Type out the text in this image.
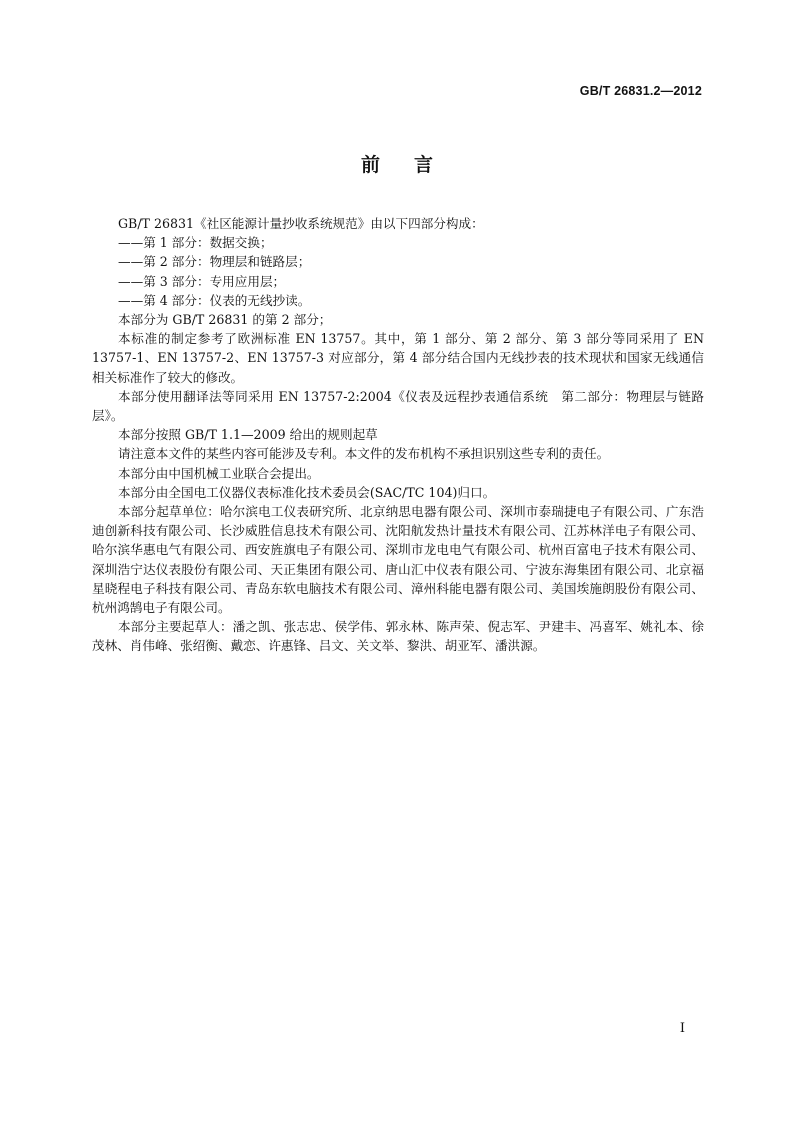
GB/T 26831.2—2012
前 言

GB/T 26831《社区能源计量抄收系统规范》由以下四部分构成：

——第 1 部分：数据交换；

——第 2 部分：物理层和链路层；

——第 3 部分：专用应用层；

——第 4 部分：仪表的无线抄读。

本部分为 GB/T 26831 的第 2 部分；

本标准的制定参考了欧洲标准 EN 13757。其中，第 1 部分、第 2 部分、第 3 部分等同采用了 EN 13757-1、EN 13757-2、EN 13757-3 对应部分，第 4 部分结合国内无线抄表的技术现状和国家无线通信相关标准作了较大的修改。

本部分使用翻译法等同采用 EN 13757-2:2004《仪表及远程抄表通信系统　第二部分：物理层与链路层》。

本部分按照 GB/T 1.1—2009 给出的规则起草

请注意本文件的某些内容可能涉及专利。本文件的发布机构不承担识别这些专利的责任。

本部分由中国机械工业联合会提出。

本部分由全国电工仪器仪表标准化技术委员会(SAC/TC 104)归口。

本部分起草单位：哈尔滨电工仪表研究所、北京纳思电器有限公司、深圳市泰瑞捷电子有限公司、广东浩迪创新科技有限公司、长沙威胜信息技术有限公司、沈阳航发热计量技术有限公司、江苏林洋电子有限公司、哈尔滨华惠电气有限公司、西安旌旗电子有限公司、深圳市龙电电气有限公司、杭州百富电子技术有限公司、深圳浩宁达仪表股份有限公司、天正集团有限公司、唐山汇中仪表有限公司、宁波东海集团有限公司、北京福星晓程电子科技有限公司、青岛东软电脑技术有限公司、漳州科能电器有限公司、美国埃施朗股份有限公司、杭州鸿鹄电子有限公司。

本部分主要起草人：潘之凯、张志忠、侯学伟、郭永林、陈声荣、倪志军、尹建丰、冯喜军、姚礼本、徐茂林、肖伟峰、张绍衡、戴恋、许惠锋、吕文、关文举、黎洪、胡亚军、潘洪源。

I
